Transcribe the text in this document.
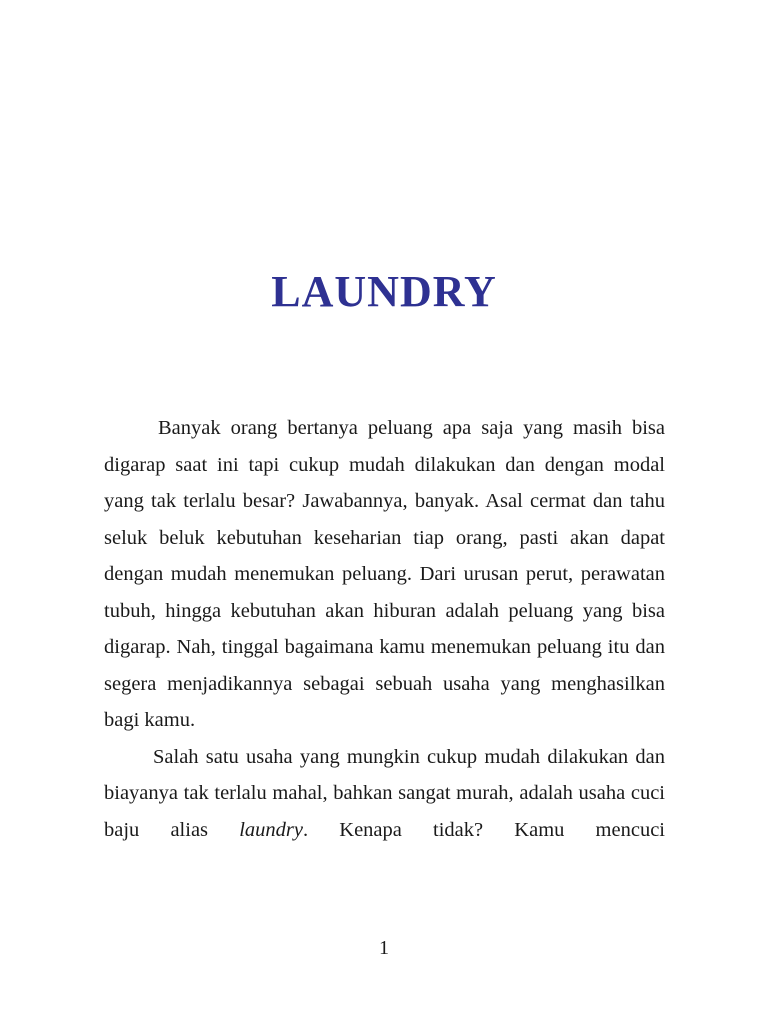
LAUNDRY

Banyak orang bertanya peluang apa saja yang masih bisa digarap saat ini tapi cukup mudah dilakukan dan dengan modal yang tak terlalu besar? Jawabannya, banyak. Asal cermat dan tahu seluk beluk kebutuhan keseharian tiap orang, pasti akan dapat dengan mudah menemukan peluang. Dari urusan perut, perawatan tubuh, hingga kebutuhan akan hiburan adalah peluang yang bisa digarap. Nah, tinggal bagaimana kamu menemukan peluang itu dan segera menjadikannya sebagai sebuah usaha yang menghasilkan bagi kamu.

Salah satu usaha yang mungkin cukup mudah dilakukan dan biayanya tak terlalu mahal, bahkan sangat murah, adalah usaha cuci baju alias laundry. Kenapa tidak? Kamu mencuci

1
